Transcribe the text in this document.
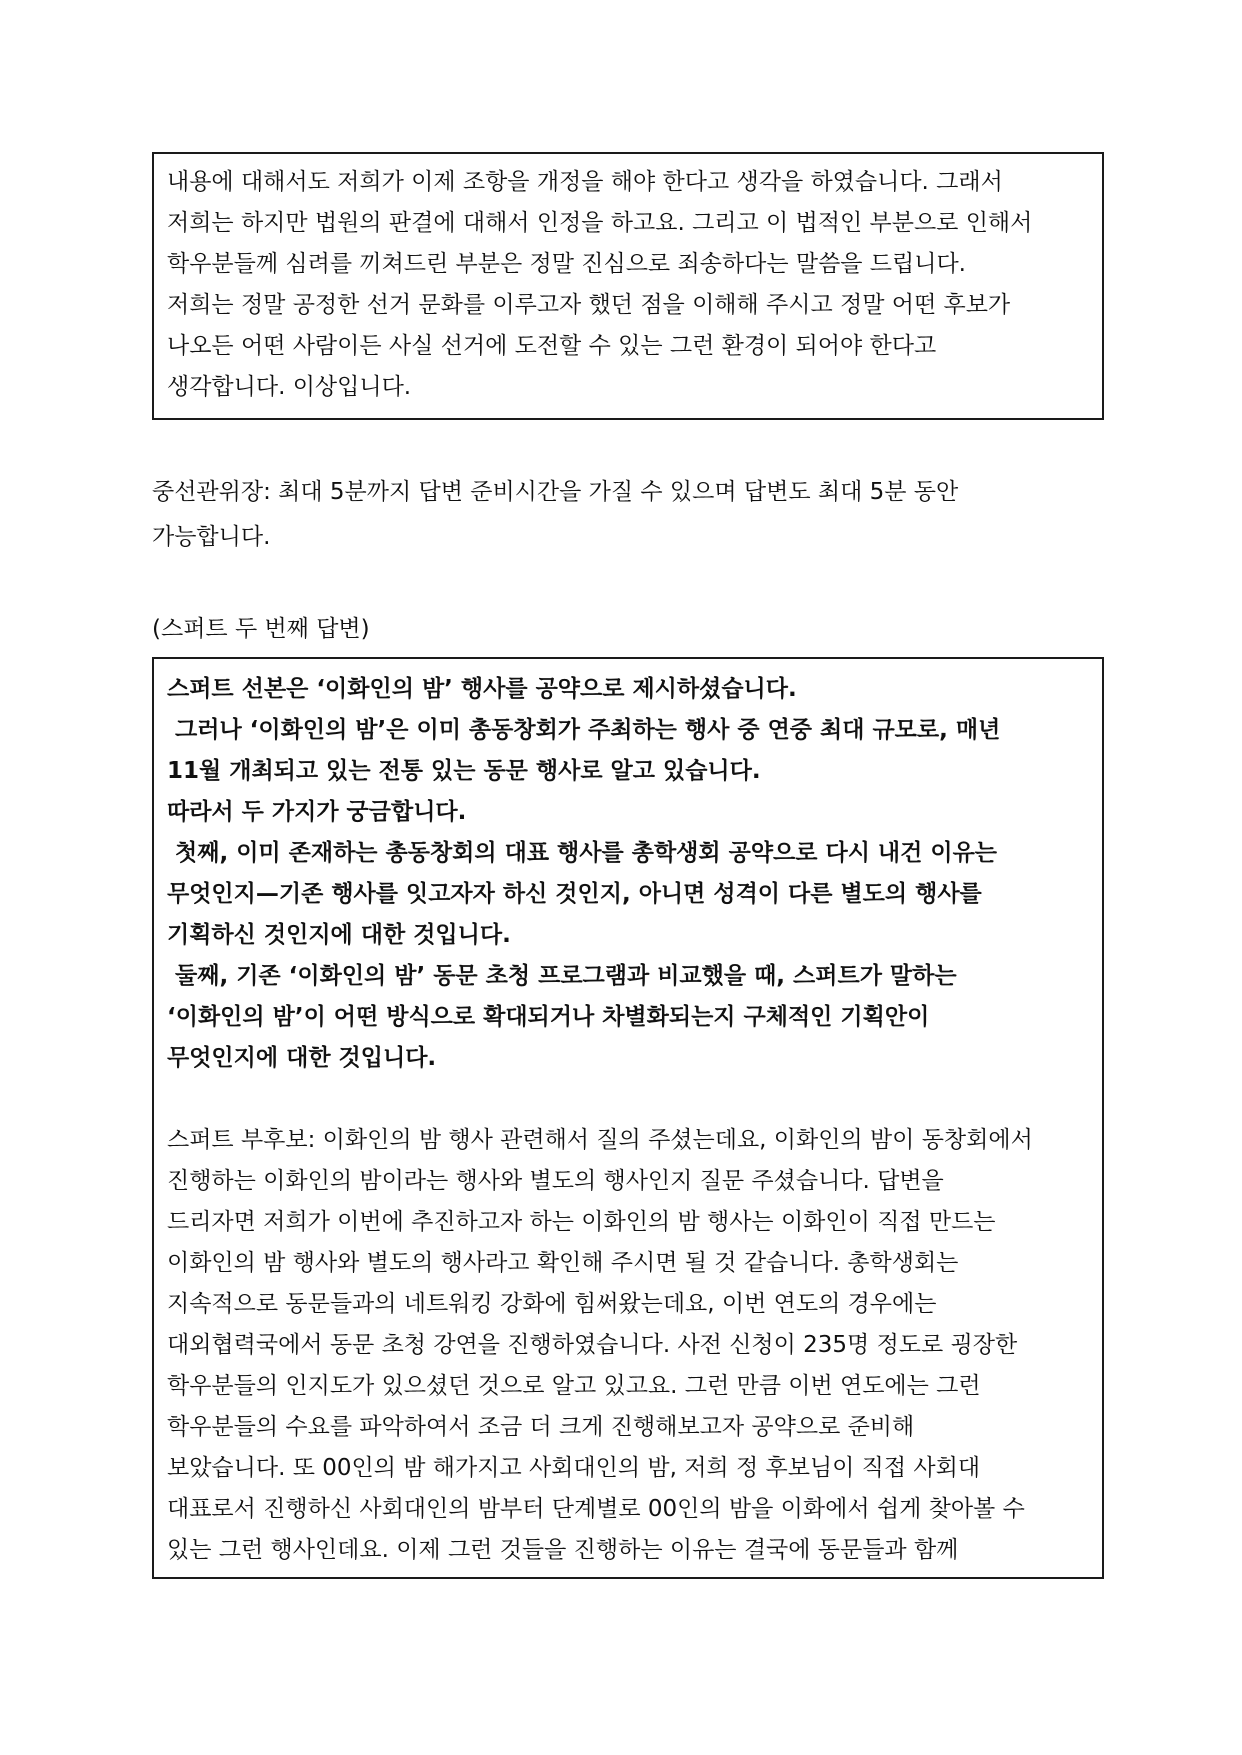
내용에 대해서도 저희가 이제 조항을 개정을 해야 한다고 생각을 하였습니다. 그래서
저희는 하지만 법원의 판결에 대해서 인정을 하고요. 그리고 이 법적인 부분으로 인해서
학우분들께 심려를 끼쳐드린 부분은 정말 진심으로 죄송하다는 말씀을 드립니다.
저희는 정말 공정한 선거 문화를 이루고자 했던 점을 이해해 주시고 정말 어떤 후보가
나오든 어떤 사람이든 사실 선거에 도전할 수 있는 그런 환경이 되어야 한다고
생각합니다. 이상입니다.
중선관위장: 최대 5분까지 답변 준비시간을 가질 수 있으며 답변도 최대 5분 동안
가능합니다.
(스퍼트 두 번째 답변)
스퍼트 선본은 ‘이화인의 밤’ 행사를 공약으로 제시하셨습니다.
그러나 ‘이화인의 밤’은 이미 총동창회가 주최하는 행사 중 연중 최대 규모로, 매년
11월 개최되고 있는 전통 있는 동문 행사로 알고 있습니다.
따라서 두 가지가 궁금합니다.
첫째, 이미 존재하는 총동창회의 대표 행사를 총학생회 공약으로 다시 내건 이유는
무엇인지—기존 행사를 잇고자자 하신 것인지, 아니면 성격이 다른 별도의 행사를
기획하신 것인지에 대한 것입니다.
둘째, 기존 ‘이화인의 밤’ 동문 초청 프로그램과 비교했을 때, 스퍼트가 말하는
‘이화인의 밤’이 어떤 방식으로 확대되거나 차별화되는지 구체적인 기획안이
무엇인지에 대한 것입니다.
스퍼트 부후보: 이화인의 밤 행사 관련해서 질의 주셨는데요, 이화인의 밤이 동창회에서
진행하는 이화인의 밤이라는 행사와 별도의 행사인지 질문 주셨습니다. 답변을
드리자면 저희가 이번에 추진하고자 하는 이화인의 밤 행사는 이화인이 직접 만드는
이화인의 밤 행사와 별도의 행사라고 확인해 주시면 될 것 같습니다. 총학생회는
지속적으로 동문들과의 네트워킹 강화에 힘써왔는데요, 이번 연도의 경우에는
대외협력국에서 동문 초청 강연을 진행하였습니다. 사전 신청이 235명 정도로 굉장한
학우분들의 인지도가 있으셨던 것으로 알고 있고요. 그런 만큼 이번 연도에는 그런
학우분들의 수요를 파악하여서 조금 더 크게 진행해보고자 공약으로 준비해
보았습니다. 또 00인의 밤 해가지고 사회대인의 밤, 저희 정 후보님이 직접 사회대
대표로서 진행하신 사회대인의 밤부터 단계별로 00인의 밤을 이화에서 쉽게 찾아볼 수
있는 그런 행사인데요. 이제 그런 것들을 진행하는 이유는 결국에 동문들과 함께
